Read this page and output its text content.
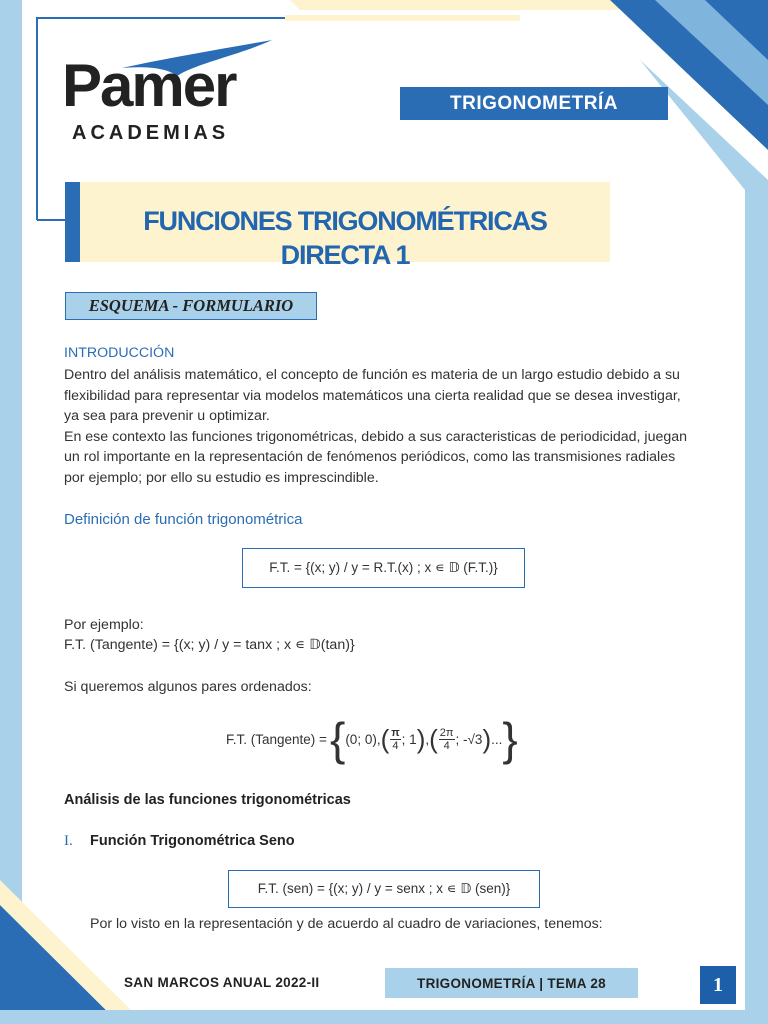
Pamer
ACADEMIAS
TRIGONOMETRÍA
FUNCIONES TRIGONOMÉTRICAS
DIRECTA 1
ESQUEMA - FORMULARIO
INTRODUCCIÓN
Dentro del análisis matemático, el concepto de función es materia de un largo estudio debido a su
flexibilidad para representar via modelos matemáticos una cierta realidad que se desea investigar,
ya sea para prevenir u optimizar.
En ese contexto las funciones trigonométricas, debido a sus caracteristicas de periodicidad, juegan
un rol importante en la representación de fenómenos periódicos, como las transmisiones radiales
por ejemplo; por ello su estudio es imprescindible.
Definición de función trigonométrica
F.T. = {(x; y) / y = R.T.(x) ; x ∊ 𝔻 (F.T.)}
Por ejemplo:
F.T. (Tangente) = {(x; y) / y = tanx ; x ∊ 𝔻(tan)}
Si queremos algunos pares ordenados:
F.T. (Tangente) = { (0; 0), ( $\frac{\pi}{4}$ ; 1 ) , ( $\frac{2\pi}{4}$ ; -√3 ) ... }
Análisis de las funciones trigonométricas
I. Función Trigonométrica Seno
F.T. (sen) = {(x; y) / y = senx ; x ∊ 𝔻 (sen)}
Por lo visto en la representación y de acuerdo al cuadro de variaciones, tenemos:
SAN MARCOS ANUAL 2022-II	TRIGONOMETRÍA | TEMA 28	1
